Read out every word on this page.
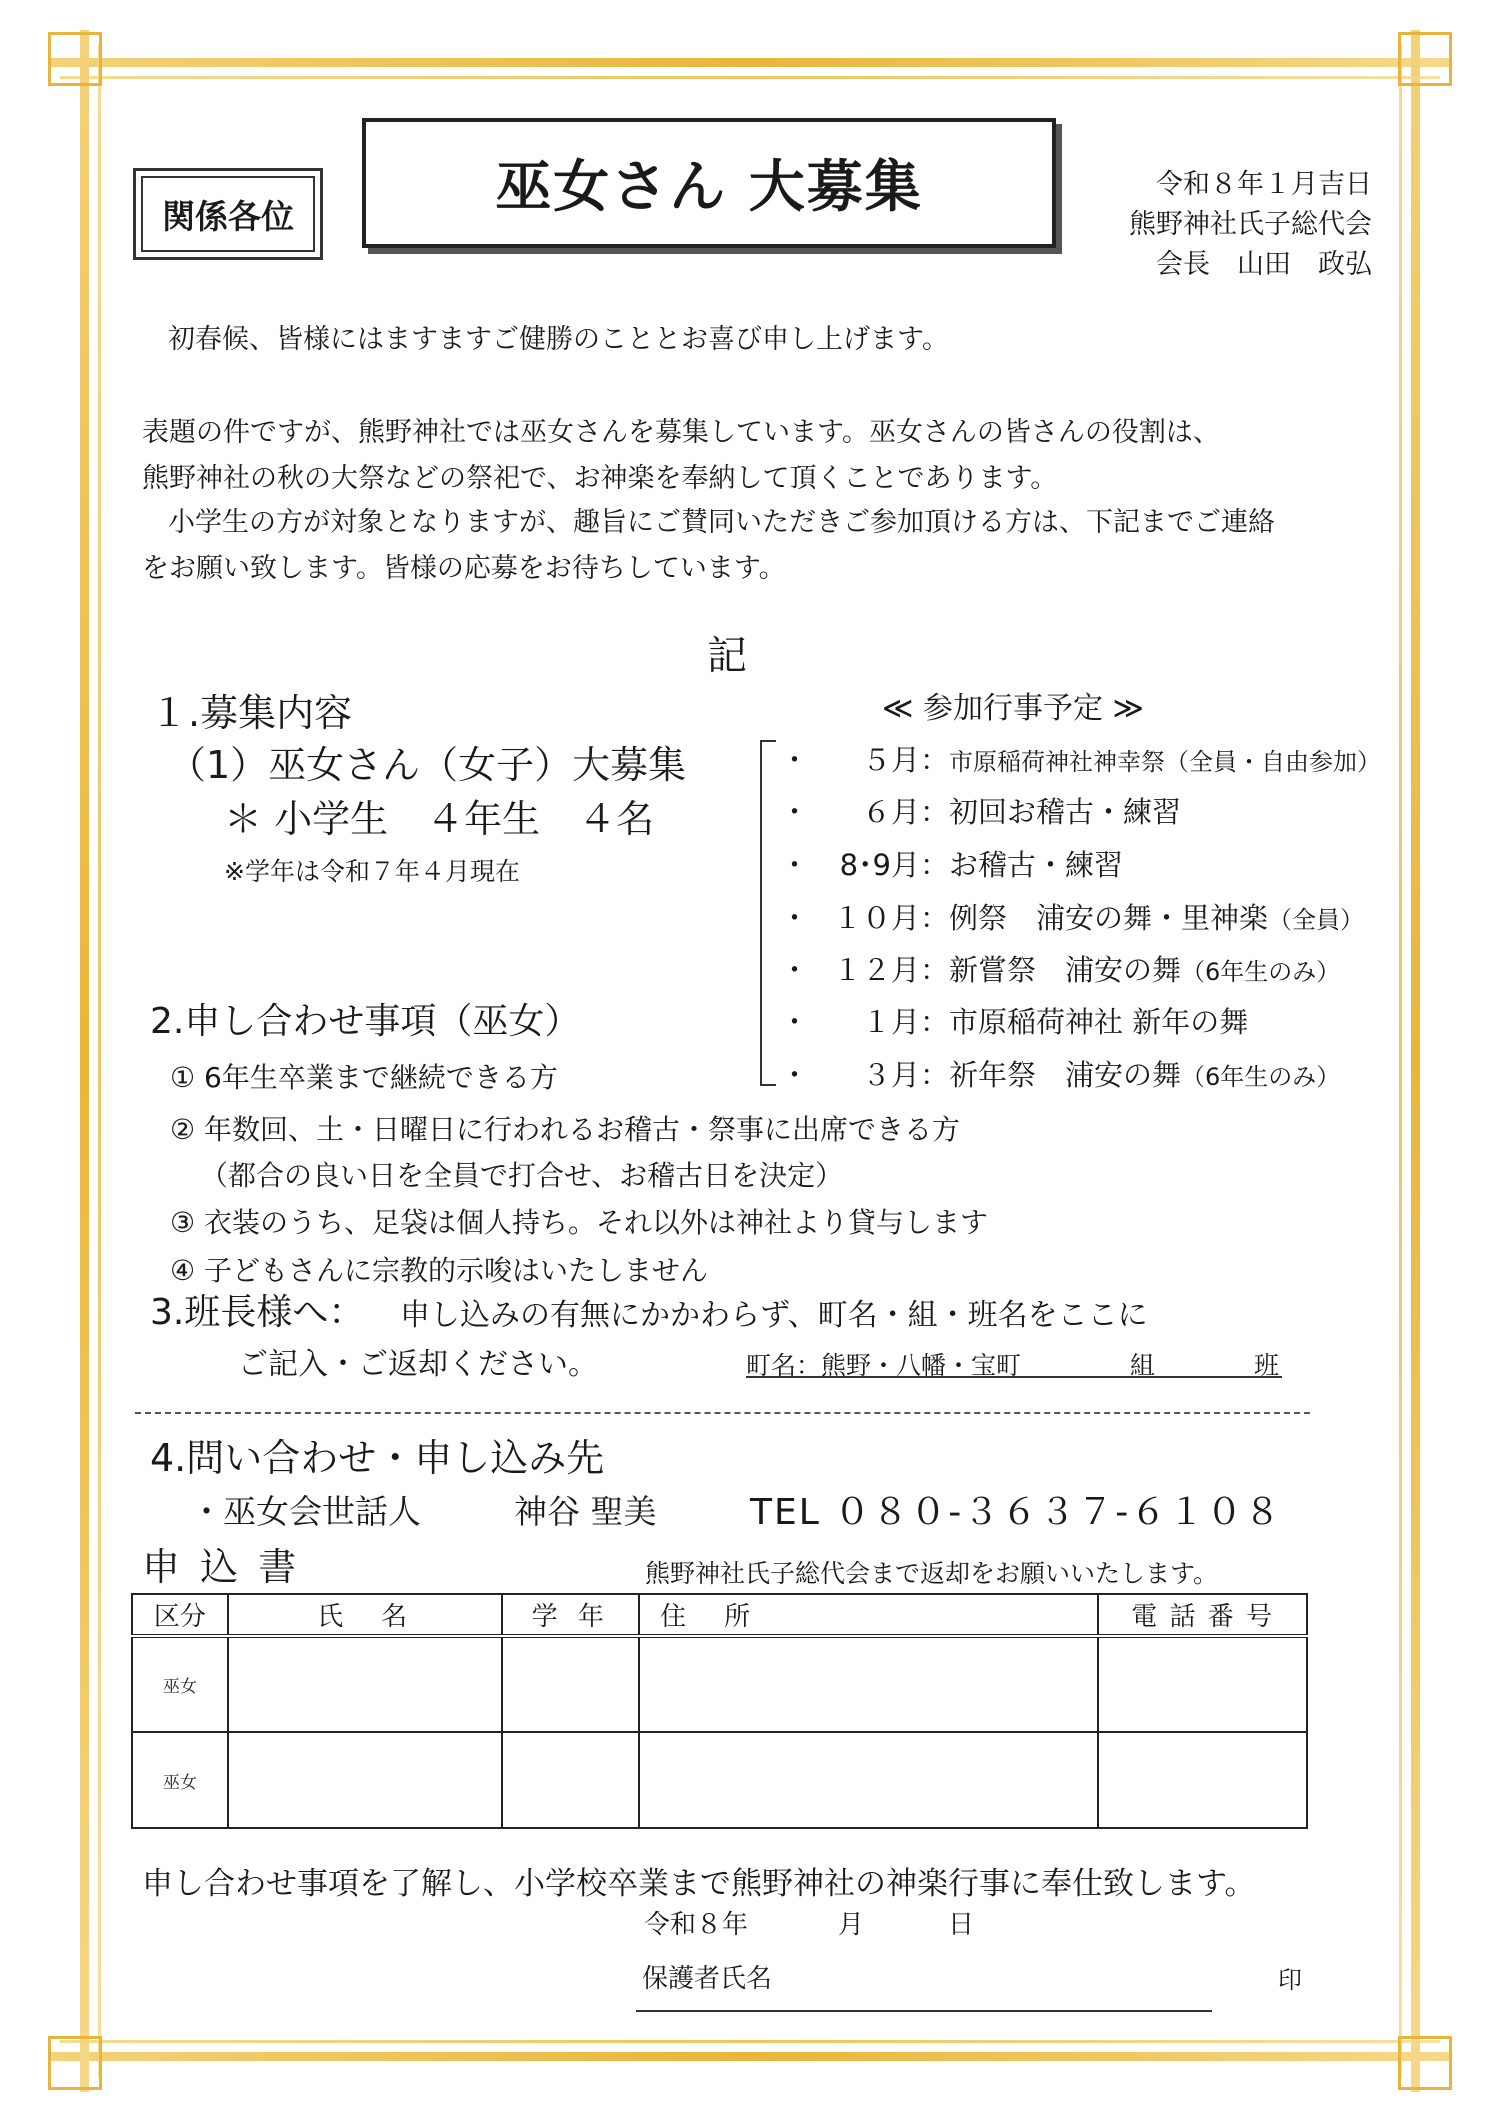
関係各位	巫女さん 大募集	令和８年１月吉日
熊野神社氏子総代会
会長　山田　政弘
初春候、皆様にはますますご健勝のこととお喜び申し上げます。
表題の件ですが、熊野神社では巫女さんを募集しています。巫女さんの皆さんの役割は、
熊野神社の秋の大祭などの祭祀で、お神楽を奉納して頂くことであります。
小学生の方が対象となりますが、趣旨にご賛同いただきご参加頂ける方は、下記までご連絡
をお願い致します。皆様の応募をお待ちしています。
記
１.募集内容
（1）巫女さん（女子）大募集
＊ 小学生　４年生　４名
※学年は令和７年４月現在
≪ 参加行事予定 ≫
・ ５月：市原稲荷神社神幸祭（全員・自由参加）
・ ６月：初回お稽古・練習
・ 8･9月：お稽古・練習
・ １０月：例祭　浦安の舞・里神楽（全員）
・ １２月：新嘗祭　浦安の舞（6年生のみ）
・ １月：市原稲荷神社 新年の舞
・ ３月：祈年祭　浦安の舞（6年生のみ）
2.申し合わせ事項（巫女）
① 6年生卒業まで継続できる方
② 年数回、土・日曜日に行われるお稽古・祭事に出席できる方
（都合の良い日を全員で打合せ、お稽古日を決定）
③ 衣装のうち、足袋は個人持ち。それ以外は神社より貸与します
④ 子どもさんに宗教的示唆はいたしません
3.班長様へ： 申し込みの有無にかかわらず、町名・組・班名をここに
ご記入・ご返却ください。	町名：熊野・八幡・宝町	組	班
4.問い合わせ・申し込み先
・巫女会世話人	神谷 聖美	TEL ０８０-３６３７-６１０８
申 込 書	熊野神社氏子総代会まで返却をお願いいたします。
区分	氏　名	学 年	住　所	電 話 番 号
巫女				
巫女				
申し合わせ事項を了解し、小学校卒業まで熊野神社の神楽行事に奉仕致します。
令和８年	月	日
保護者氏名	印
